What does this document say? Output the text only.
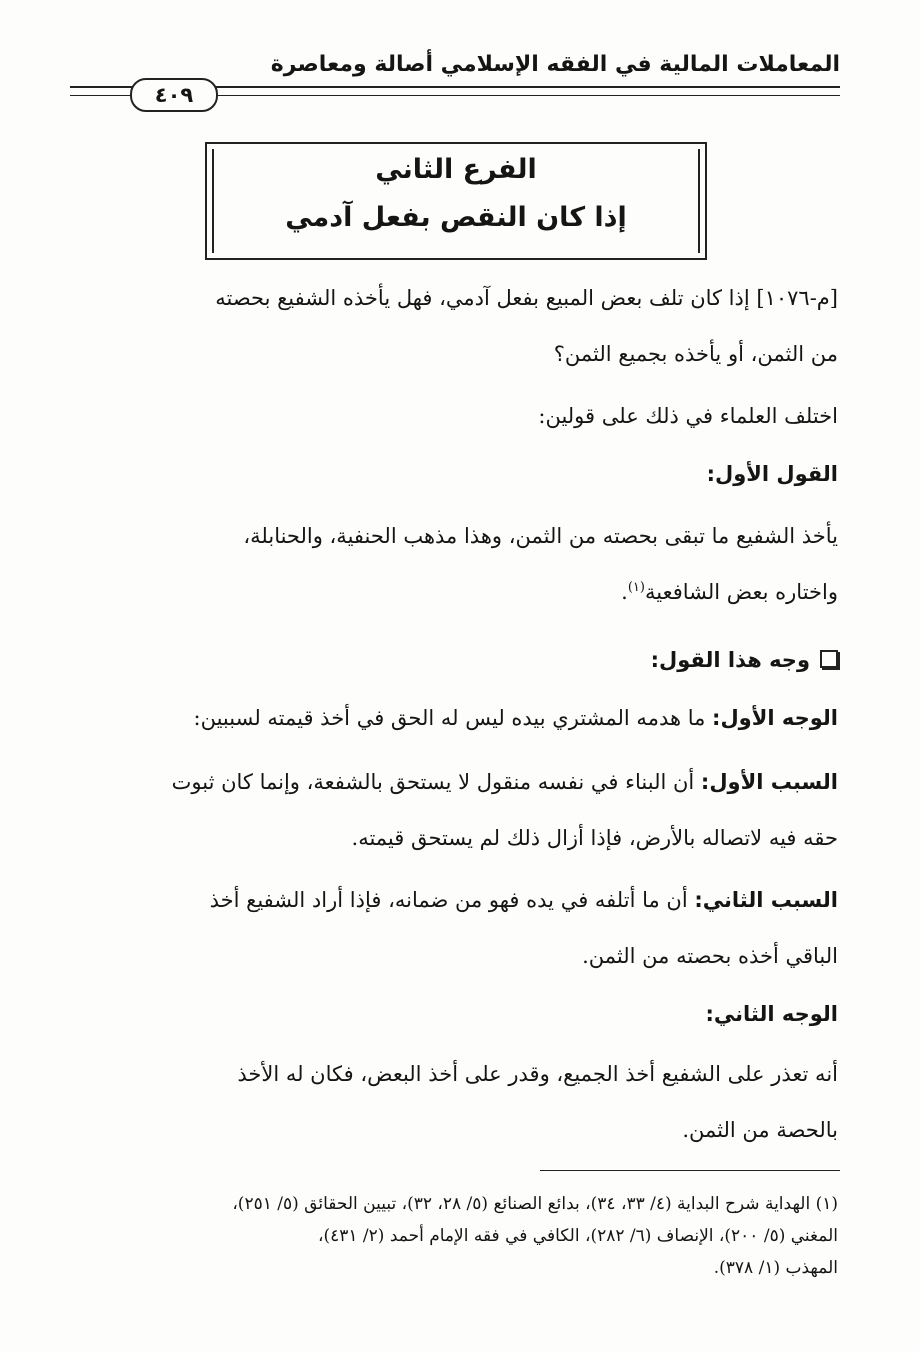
المعاملات المالية في الفقه الإسلامي أصالة ومعاصرة
٤٠٩
الفرع الثاني
إذا كان النقص بفعل آدمي
[م-١٠٧٦] إذا كان تلف بعض المبيع بفعل آدمي، فهل يأخذه الشفيع بحصته
من الثمن، أو يأخذه بجميع الثمن؟
اختلف العلماء في ذلك على قولين:
القول الأول:
يأخذ الشفيع ما تبقى بحصته من الثمن، وهذا مذهب الحنفية، والحنابلة،
واختاره بعض الشافعية$^{(١)}$.
وجه هذا القول:
الوجه الأول: ما هدمه المشتري بيده ليس له الحق في أخذ قيمته لسببين:
السبب الأول: أن البناء في نفسه منقول لا يستحق بالشفعة، وإنما كان ثبوت
حقه فيه لاتصاله بالأرض، فإذا أزال ذلك لم يستحق قيمته.
السبب الثاني: أن ما أتلفه في يده فهو من ضمانه، فإذا أراد الشفيع أخذ
الباقي أخذه بحصته من الثمن.
الوجه الثاني:
أنه تعذر على الشفيع أخذ الجميع، وقدر على أخذ البعض، فكان له الأخذ
بالحصة من الثمن.
(١) الهداية شرح البداية (٤/ ٣٣، ٣٤)، بدائع الصنائع (٥/ ٢٨، ٣٢)، تبيين الحقائق (٥/ ٢٥١)،
المغني (٥/ ٢٠٠)، الإنصاف (٦/ ٢٨٢)، الكافي في فقه الإمام أحمد (٢/ ٤٣١)،
المهذب (١/ ٣٧٨).
